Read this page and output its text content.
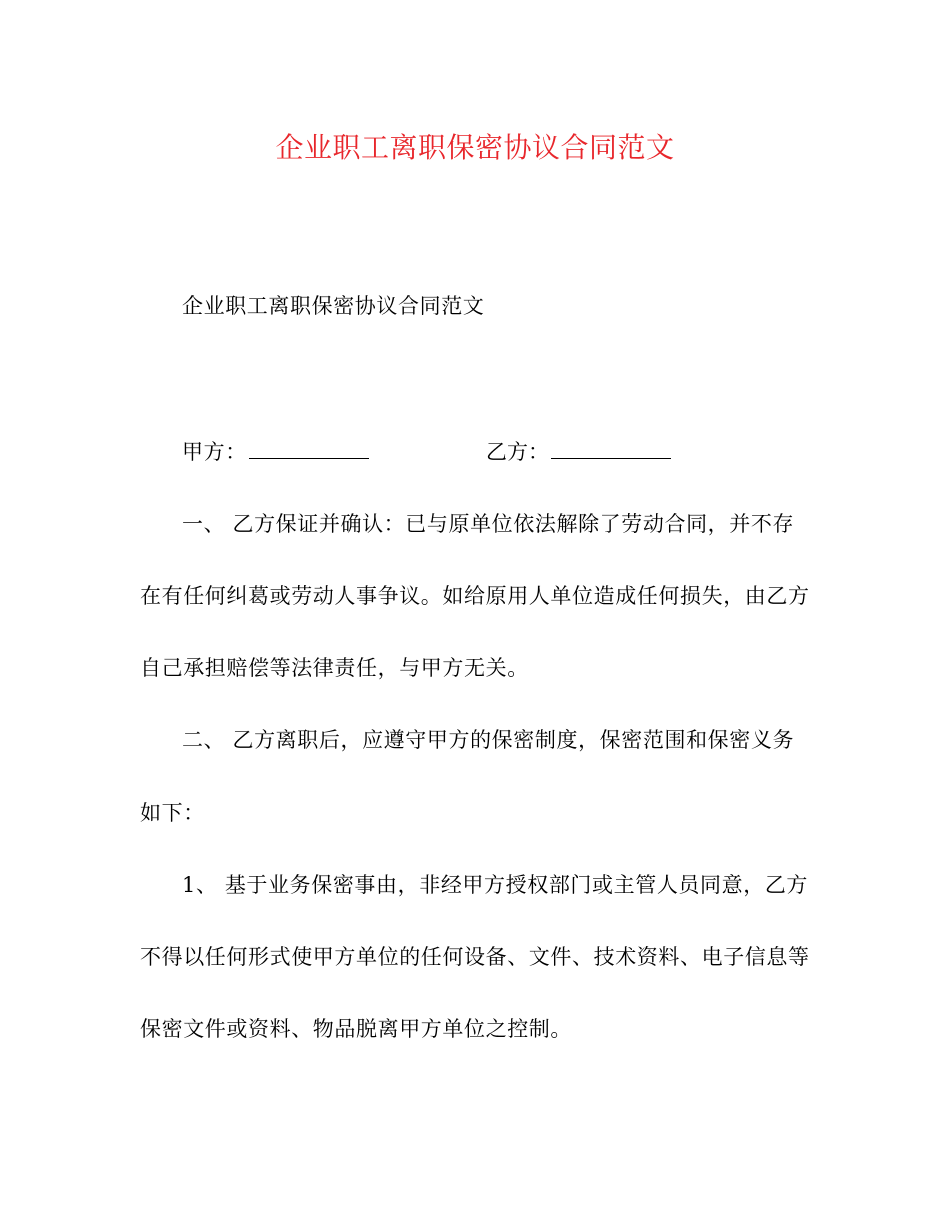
企业职工离职保密协议合同范文
企业职工离职保密协议合同范文
甲方：	乙方：
一、 乙方保证并确认：已与原单位依法解除了劳动合同，并不存
在有任何纠葛或劳动人事争议。如给原用人单位造成任何损失，由乙方
自己承担赔偿等法律责任，与甲方无关。
二、 乙方离职后，应遵守甲方的保密制度，保密范围和保密义务
如下：
1、 基于业务保密事由，非经甲方授权部门或主管人员同意，乙方
不得以任何形式使甲方单位的任何设备、文件、技术资料、电子信息等
保密文件或资料、物品脱离甲方单位之控制。
